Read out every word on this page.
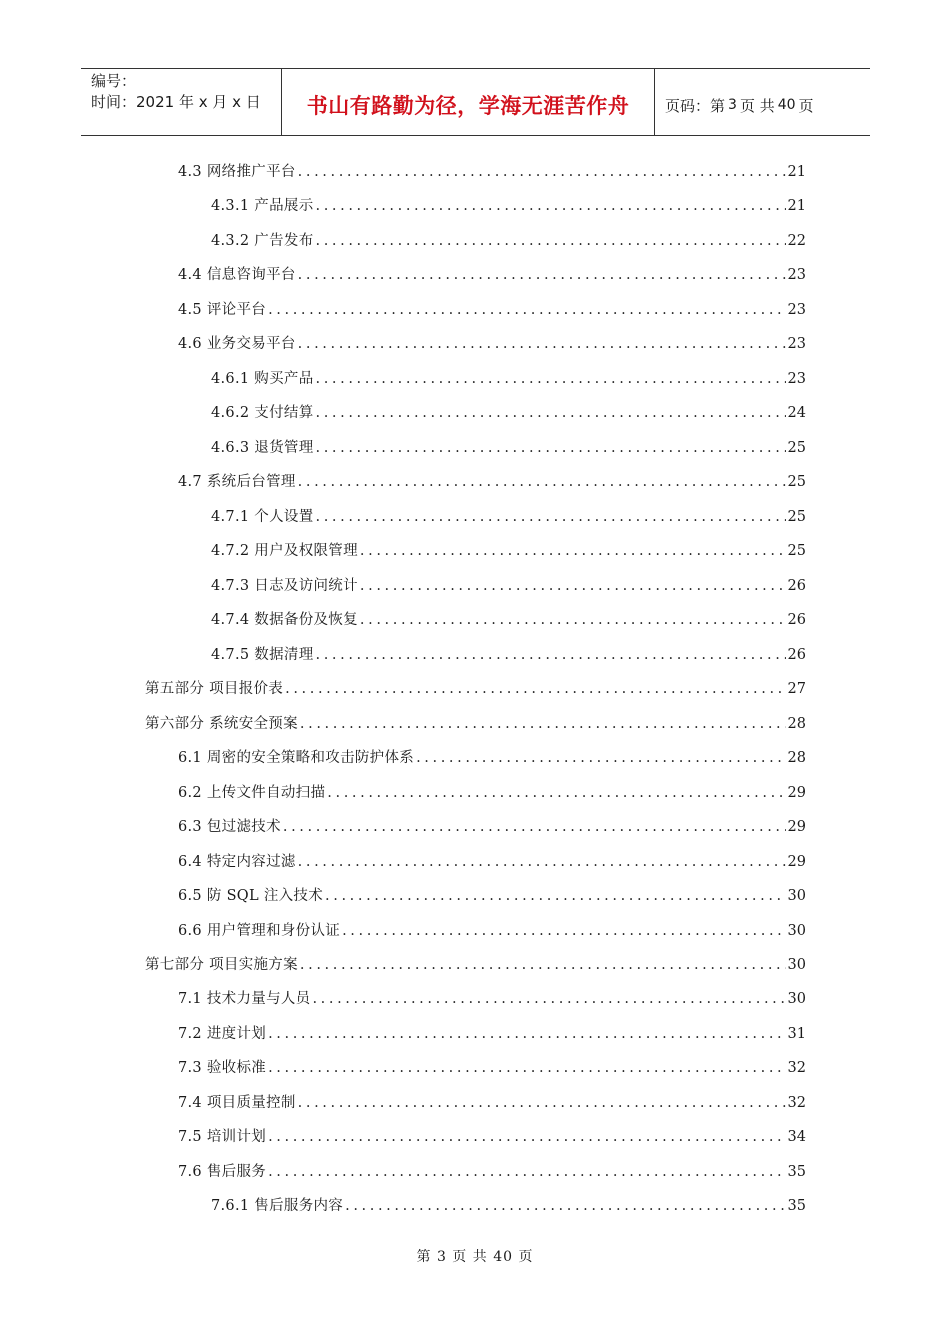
编号：
时间：2021 年 x 月 x 日	书山有路勤为径，学海无涯苦作舟	页码：第 3 页 共 40 页
4.3 网络推广平台 .....	21
4.3.1 产品展示 .....	21
4.3.2 广告发布 .....	22
4.4 信息咨询平台 .....	23
4.5 评论平台 .....	23
4.6 业务交易平台 .....	23
4.6.1 购买产品 .....	23
4.6.2 支付结算 .....	24
4.6.3 退货管理 .....	25
4.7 系统后台管理 .....	25
4.7.1 个人设置 .....	25
4.7.2 用户及权限管理 .....	25
4.7.3 日志及访问统计 .....	26
4.7.4 数据备份及恢复 .....	26
4.7.5 数据清理 .....	26
第五部分 项目报价表 .....	27
第六部分 系统安全预案 .....	28
6.1 周密的安全策略和攻击防护体系 .....	28
6.2 上传文件自动扫描 .....	29
6.3 包过滤技术 .....	29
6.4 特定内容过滤 .....	29
6.5 防 SQL 注入技术 .....	30
6.6 用户管理和身份认证 .....	30
第七部分 项目实施方案 .....	30
7.1 技术力量与人员 .....	30
7.2 进度计划 .....	31
7.3 验收标准 .....	32
7.4 项目质量控制 .....	32
7.5 培训计划 .....	34
7.6 售后服务 .....	35
7.6.1 售后服务内容 .....	35
第 3 页 共 40 页
